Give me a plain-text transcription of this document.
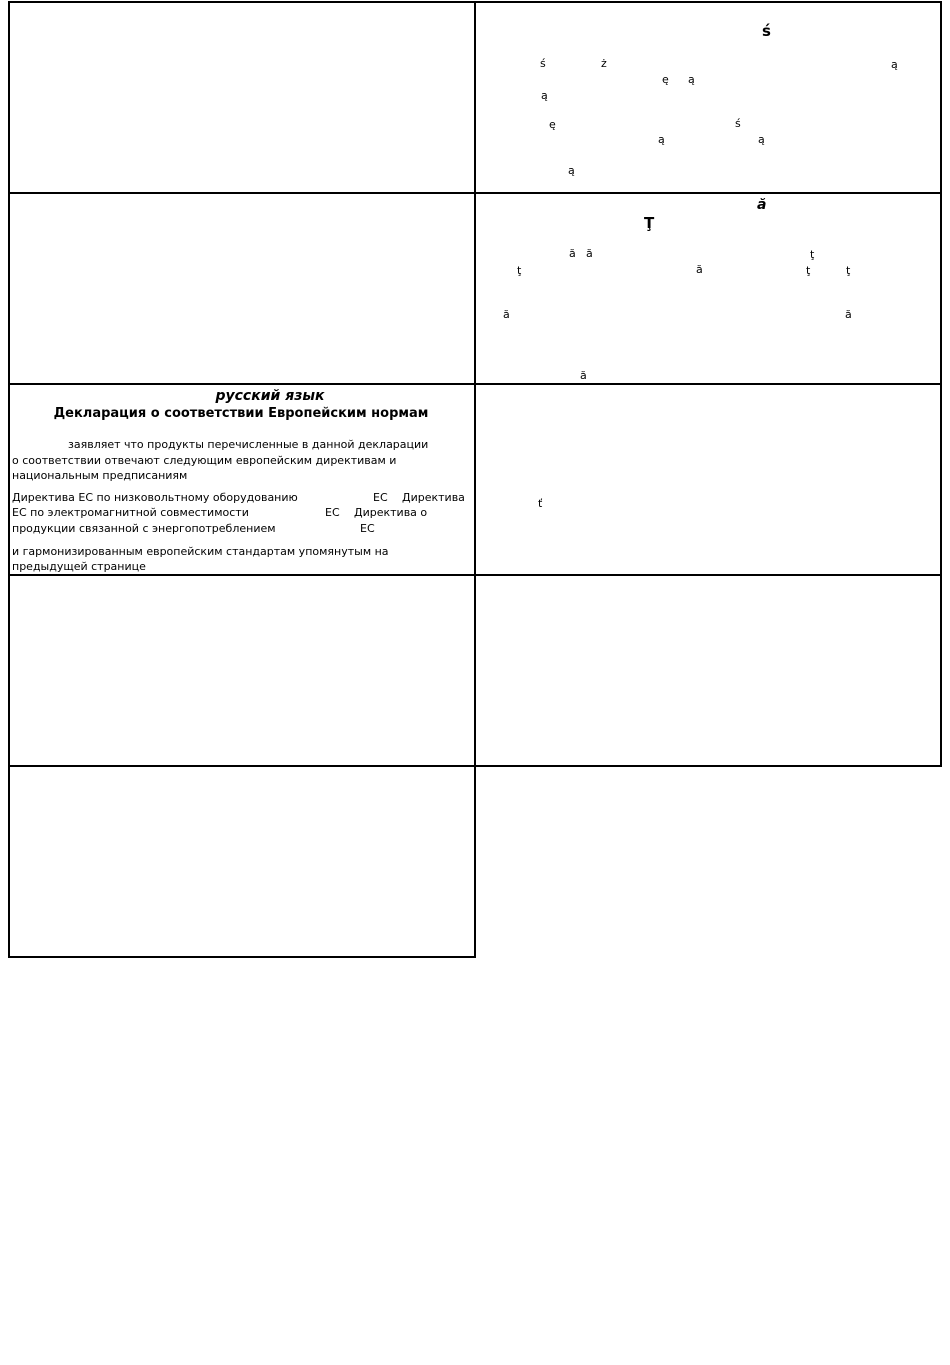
русский язык
Декларация о соответствии Европейским нормам
заявляет что продукты перечисленные в данной декларации
о соответствии отвечают следующим европейским директивам и
национальным предписаниям
Директива ЕС по низковольтному оборудованию	ЕС Директива
ЕС по электромагнитной совместимости	ЕС Директива о
продукции связанной с энергопотреблением	ЕС
и гармонизированным европейским стандартам упомянутым на
предыдущей странице
ś
ś	ż	ą
ę ą
ą
ę	ś
ą	ą
ą
ă
Ţ
ă ă	ţ
ţ	ă	ţ	ţ
ă	ă
ă
ť
